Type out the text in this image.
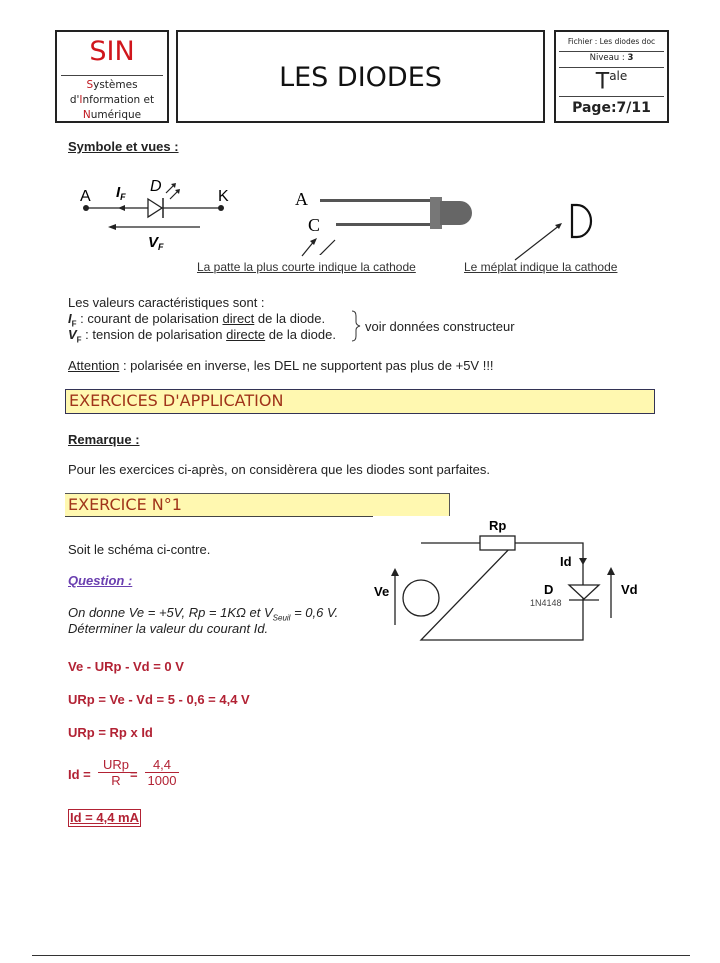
SIN
Systèmes
d'Information et
Numérique
LES DIODES
Fichier : Les diodes doc
Niveau : 3
$T^{ale}$
Page:7/11
Symbole et vues :
A $I_F$
D
K
$V_F$
A
C
La patte la plus courte indique la cathode	Le méplat indique la cathode
Les valeurs caractéristiques sont :
$I_F$ : courant de polarisation direct de la diode.
$V_F$ : tension de polarisation directe de la diode.
voir données constructeur
Attention : polarisée en inverse, les DEL ne supportent pas plus de +5V !!!
EXERCICES D'APPLICATION
Remarque :
Pour les exercices ci-après, on considèrera que les diodes sont parfaites.
EXERCICE N°1
Soit le schéma ci-contre.
Question :
On donne Ve = +5V, Rp = 1KΩ et $V_{Seuil} = 0,6$ V.
Déterminer la valeur du courant Id.
Rp
Id
Ve	D
1N4148
Vd
Ve - URp - Vd = 0 V
URp = Ve - Vd = 5 - 0,6 = 4,4 V
URp = Rp x Id
Id =
URp
$R = \frac{4,4}{1000}$
Id = 4,4 mA
